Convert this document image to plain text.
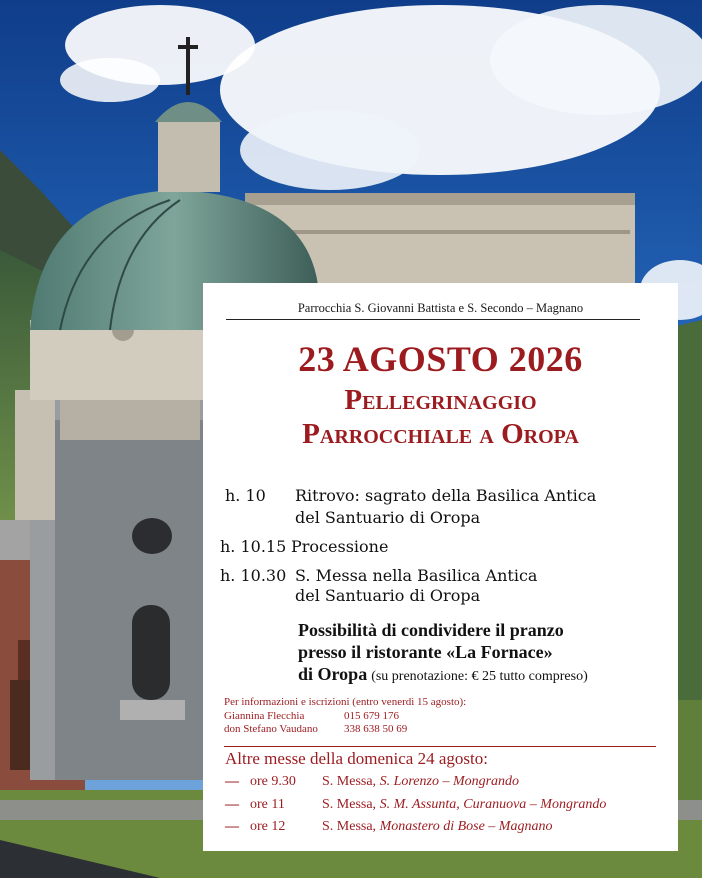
Parrocchia S. Giovanni Battista e S. Secondo – Magnano
23 AGOSTO 2026
Pellegrinaggio
Parrocchiale a Oropa
h. 10 Ritrovo: sagrato della Basilica Antica
del Santuario di Oropa
h. 10.15 Processione
h. 10.30 S. Messa nella Basilica Antica
del Santuario di Oropa
Possibilità di condividere il pranzo
presso il ristorante «La Fornace»
di Oropa (su prenotazione: € 25 tutto compreso)
Per informazioni e iscrizioni (entro venerdì 15 agosto):
Giannina Flecchia	015 679 176
don Stefano Vaudano 338 638 50 69
Altre messe della domenica 24 agosto:
— ore 9.30 S. Messa, S. Lorenzo – Mongrando
— ore 11	S. Messa, S. M. Assunta, Curanuova – Mongrando
— ore 12	S. Messa, Monastero di Bose – Magnano
